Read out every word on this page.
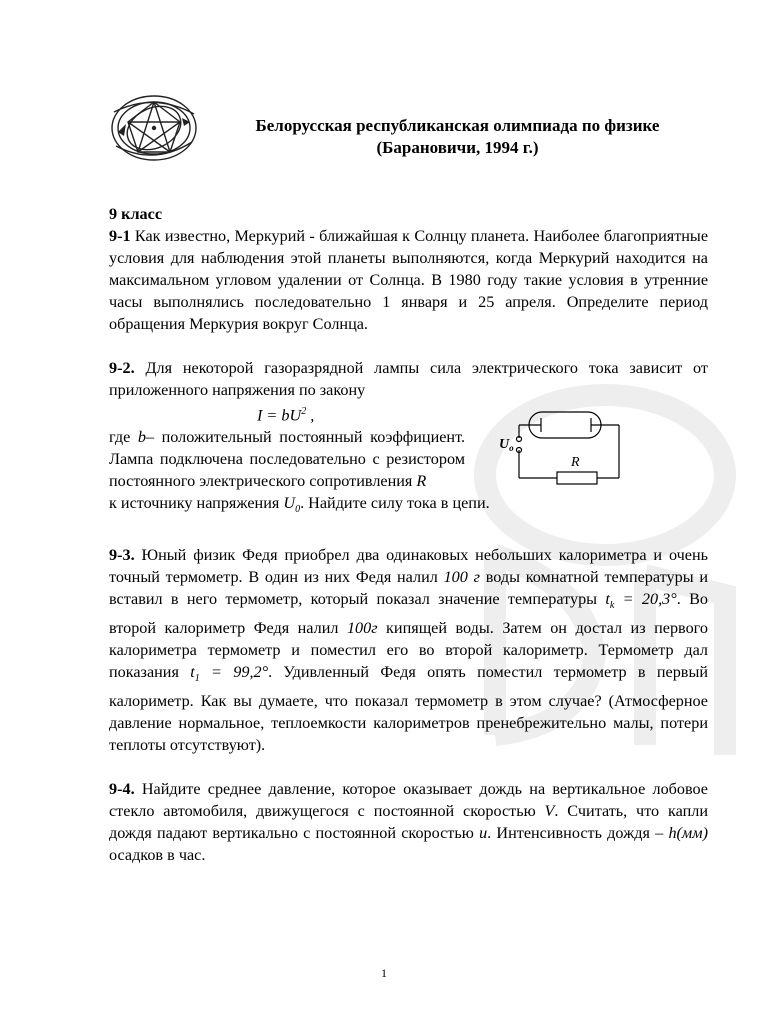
Белорусская республиканская олимпиада по физике
(Барановичи, 1994 г.)

9 класс

9-1 Как известно, Меркурий - ближайшая к Солнцу планета. Наиболее благоприятные условия для наблюдения этой планеты выполняются, когда Меркурий находится на максимальном угловом удалении от Солнца. В 1980 году такие условия в утренние часы выполнялись последовательно 1 января и 25 апреля. Определите период обращения Меркурия вокруг Солнца.

9-2. Для некоторой газоразрядной лампы сила электрического тока зависит от приложенного напряжения по закону

$I = bU^2$ ,

где b– положительный постоянный коэффициент. Лампа подключена последовательно с резистором постоянного электрического сопротивления R

$U_o$
R

к источнику напряжения $U_0$. Найдите силу тока в цепи.

9-3. Юный физик Федя приобрел два одинаковых небольших калориметра и очень точный термометр. В один из них Федя налил 100 г воды комнатной температуры и вставил в него термометр, который показал значение температуры $t_k = 20,3^\circ$. Во второй калориметр Федя налил 100г кипящей воды. Затем он достал из первого калориметра термометр и поместил его во второй калориметр. Термометр дал показания $t_1 = 99,2^\circ$. Удивленный Федя опять поместил термометр в первый калориметр. Как вы думаете, что показал термометр в этом случае? (Атмосферное давление нормальное, теплоемкости калориметров пренебрежительно малы, потери теплоты отсутствуют).

9-4. Найдите среднее давление, которое оказывает дождь на вертикальное лобовое стекло автомобиля, движущегося с постоянной скоростью V. Считать, что капли дождя падают вертикально с постоянной скоростью u. Интенсивность дождя – h(мм) осадков в час.

1
